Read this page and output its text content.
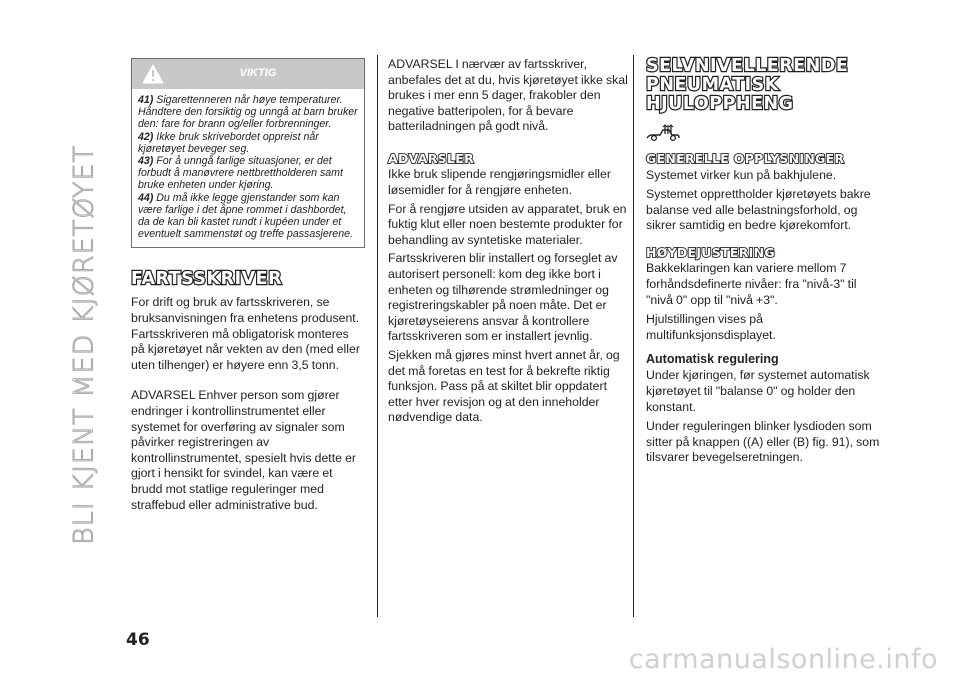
BLI KJENT MED KJØRETØYET
VIKTIG

41) Sigarettenneren når høye temperaturer. Håndtere den forsiktig og unngå at barn bruker den: fare for brann og/eller forbrenninger.

42) Ikke bruk skrivebordet oppreist når kjøretøyet beveger seg.

43) For å unngå farlige situasjoner, er det forbudt å manøvrere nettbrettholderen samt bruke enheten under kjøring.

44) Du må ikke legge gjenstander som kan være farlige i det åpne rommet i dashbordet, da de kan bli kastet rundt i kupéen under et eventuelt sammenstøt og treffe passasjerene.

FARTSSKRIVER

For drift og bruk av fartsskriveren, se bruksanvisningen fra enhetens produsent. Fartsskriveren må obligatorisk monteres på kjøretøyet når vekten av den (med eller uten tilhenger) er høyere enn 3,5 tonn.

ADVARSEL Enhver person som gjører endringer i kontrollinstrumentet eller systemet for overføring av signaler som påvirker registreringen av kontrollinstrumentet, spesielt hvis dette er gjort i hensikt for svindel, kan være et brudd mot statlige reguleringer med straffebud eller administrative bud.

ADVARSEL I nærvær av fartsskriver, anbefales det at du, hvis kjøretøyet ikke skal brukes i mer enn 5 dager, frakobler den negative batteripolen, for å bevare batteriladningen på godt nivå.

ADVARSLER

Ikke bruk slipende rengjøringsmidler eller løsemidler for å rengjøre enheten.

For å rengjøre utsiden av apparatet, bruk en fuktig klut eller noen bestemte produkter for behandling av syntetiske materialer.

Fartsskriveren blir installert og forseglet av autorisert personell: kom deg ikke bort i enheten og tilhørende strømledninger og registreringskabler på noen måte. Det er kjøretøyseierens ansvar å kontrollere fartsskriveren som er installert jevnlig.

Sjekken må gjøres minst hvert annet år, og det må foretas en test for å bekrefte riktig funksjon. Pass på at skiltet blir oppdatert etter hver revisjon og at den inneholder nødvendige data.

SELVNIVELLERENDE PNEUMATISK HJULOPPHENG
GENERELLE OPPLYSNINGER

Systemet virker kun på bakhjulene.

Systemet opprettholder kjøretøyets bakre balanse ved alle belastningsforhold, og sikrer samtidig en bedre kjørekomfort.

HØYDEJUSTERING

Bakkeklaringen kan variere mellom 7 forhåndsdefinerte nivåer: fra "nivå-3" til "nivå 0" opp til "nivå +3".

Hjulstillingen vises på multifunksjonsdisplayet.

Automatisk regulering

Under kjøringen, før systemet automatisk kjøretøyet til "balanse 0" og holder den konstant.

Under reguleringen blinker lysdioden som sitter på knappen ((A) eller (B) fig. 91), som tilsvarer bevegelseretningen.

46
carmanualsonline.info
